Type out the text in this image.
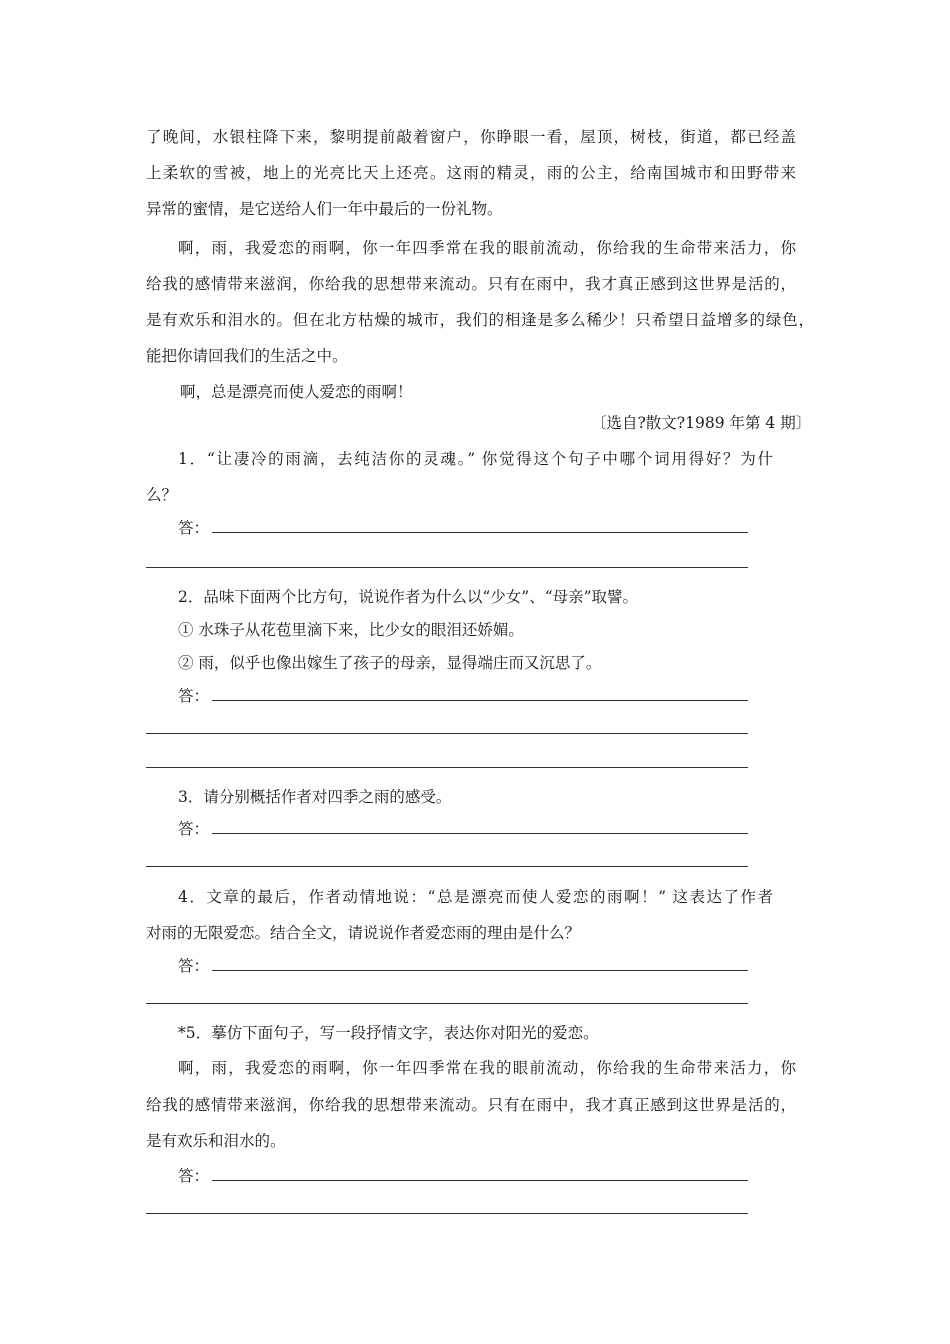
了晚间，水银柱降下来，黎明提前敲着窗户，你睁眼一看，屋顶，树枝，街道，都已经盖
上柔软的雪被，地上的光亮比天上还亮。这雨的精灵，雨的公主，给南国城市和田野带来
异常的蜜情，是它送给人们一年中最后的一份礼物。
啊，雨，我爱恋的雨啊，你一年四季常在我的眼前流动，你给我的生命带来活力，你
给我的感情带来滋润，你给我的思想带来流动。只有在雨中，我才真正感到这世界是活的，
是有欢乐和泪水的。但在北方枯燥的城市，我们的相逢是多么稀少！只希望日益增多的绿色，
能把你请回我们的生活之中。
啊，总是漂亮而使人爱恋的雨啊！
〔选自?散文?1989 年第 4 期〕
1．“让凄冷的雨滴，去纯洁你的灵魂。” 你觉得这个句子中哪个词用得好？为什
么？
答：
2．品味下面两个比方句，说说作者为什么以“少女”、“母亲”取譬。
① 水珠子从花苞里滴下来，比少女的眼泪还娇媚。
② 雨，似乎也像出嫁生了孩子的母亲，显得端庄而又沉思了。
答：
3．请分别概括作者对四季之雨的感受。
答：
4．文章的最后，作者动情地说：“总是漂亮而使人爱恋的雨啊！” 这表达了作者
对雨的无限爱恋。结合全文，请说说作者爱恋雨的理由是什么？
答：
*5．摹仿下面句子，写一段抒情文字，表达你对阳光的爱恋。
啊，雨，我爱恋的雨啊，你一年四季常在我的眼前流动，你给我的生命带来活力，你
给我的感情带来滋润，你给我的思想带来流动。只有在雨中，我才真正感到这世界是活的，
是有欢乐和泪水的。
答：
